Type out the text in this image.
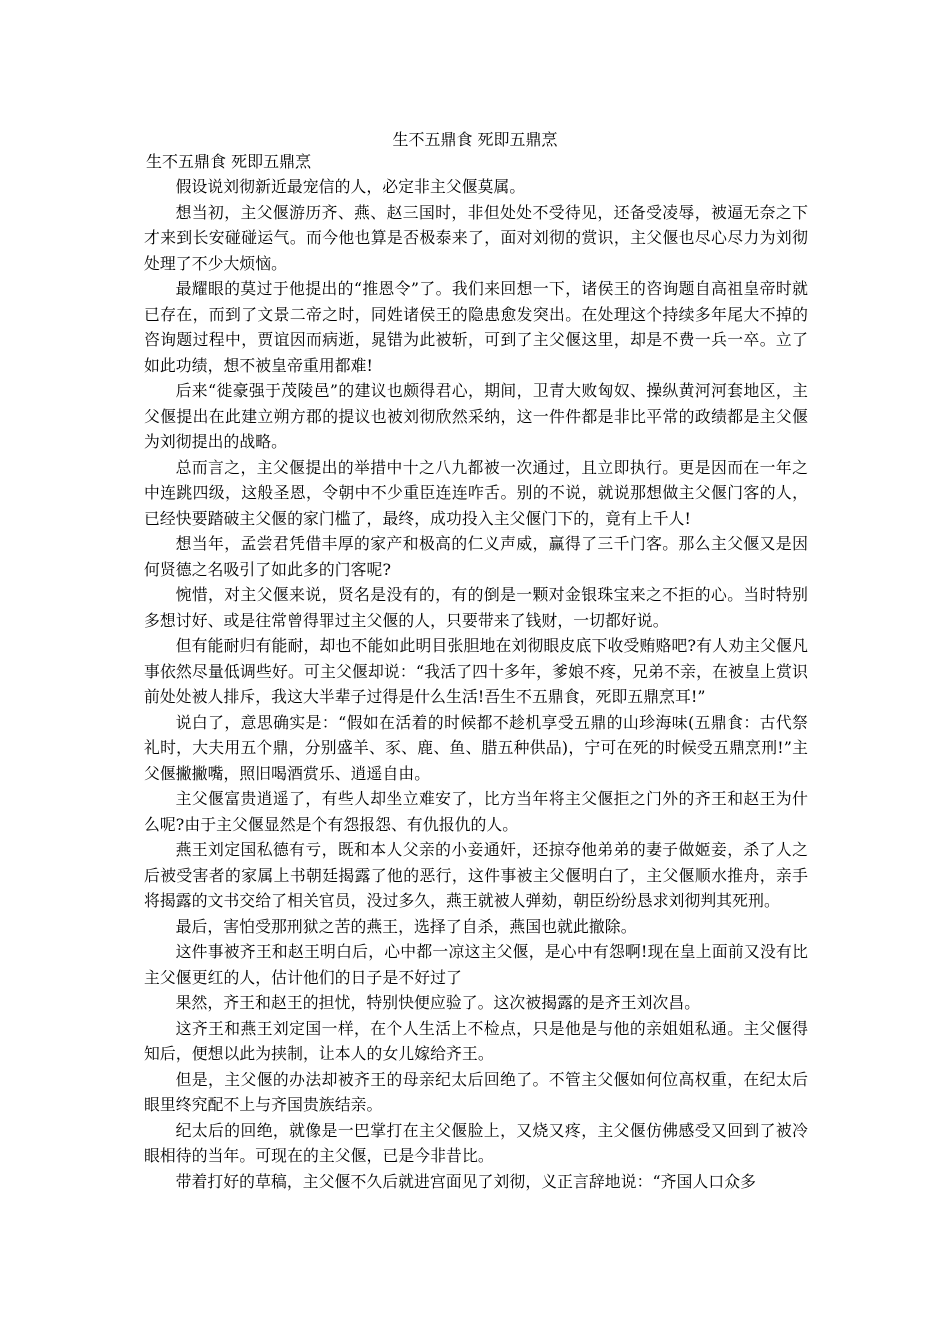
生不五鼎食 死即五鼎烹

生不五鼎食 死即五鼎烹

假设说刘彻新近最宠信的人，必定非主父偃莫属。

想当初，主父偃游历齐、燕、赵三国时，非但处处不受待见，还备受凌辱，被逼无奈之下才来到长安碰碰运气。而今他也算是否极泰来了，面对刘彻的赏识，主父偃也尽心尽力为刘彻处理了不少大烦恼。

最耀眼的莫过于他提出的“推恩令”了。我们来回想一下，诸侯王的咨询题自高祖皇帝时就已存在，而到了文景二帝之时，同姓诸侯王的隐患愈发突出。在处理这个持续多年尾大不掉的咨询题过程中，贾谊因而病逝，晁错为此被斩，可到了主父偃这里，却是不费一兵一卒。立了如此功绩，想不被皇帝重用都难!

后来“徙豪强于茂陵邑”的建议也颇得君心，期间，卫青大败匈奴、操纵黄河河套地区，主父偃提出在此建立朔方郡的提议也被刘彻欣然采纳，这一件件都是非比平常的政绩都是主父偃为刘彻提出的战略。

总而言之，主父偃提出的举措中十之八九都被一次通过，且立即执行。更是因而在一年之中连跳四级，这般圣恩，令朝中不少重臣连连咋舌。别的不说，就说那想做主父偃门客的人，已经快要踏破主父偃的家门槛了，最终，成功投入主父偃门下的，竟有上千人!

想当年，孟尝君凭借丰厚的家产和极高的仁义声威，赢得了三千门客。那么主父偃又是因何贤德之名吸引了如此多的门客呢?

惋惜，对主父偃来说，贤名是没有的，有的倒是一颗对金银珠宝来之不拒的心。当时特别多想讨好、或是往常曾得罪过主父偃的人，只要带来了钱财，一切都好说。

但有能耐归有能耐，却也不能如此明目张胆地在刘彻眼皮底下收受贿赂吧?有人劝主父偃凡事依然尽量低调些好。可主父偃却说：“我活了四十多年，爹娘不疼，兄弟不亲，在被皇上赏识前处处被人排斥，我这大半辈子过得是什么生活!吾生不五鼎食，死即五鼎烹耳!”

说白了，意思确实是：“假如在活着的时候都不趁机享受五鼎的山珍海味(五鼎食：古代祭礼时，大夫用五个鼎，分别盛羊、豕、鹿、鱼、腊五种供品)，宁可在死的时候受五鼎烹刑!”主父偃撇撇嘴，照旧喝酒赏乐、逍遥自由。

主父偃富贵逍遥了，有些人却坐立难安了，比方当年将主父偃拒之门外的齐王和赵王为什么呢?由于主父偃显然是个有怨报怨、有仇报仇的人。

燕王刘定国私德有亏，既和本人父亲的小妾通奸，还掠夺他弟弟的妻子做姬妾，杀了人之后被受害者的家属上书朝廷揭露了他的恶行，这件事被主父偃明白了，主父偃顺水推舟，亲手将揭露的文书交给了相关官员，没过多久，燕王就被人弹劾，朝臣纷纷恳求刘彻判其死刑。

最后，害怕受那刑狱之苦的燕王，选择了自杀，燕国也就此撤除。

这件事被齐王和赵王明白后，心中都一凉这主父偃，是心中有怨啊!现在皇上面前又没有比主父偃更红的人，估计他们的日子是不好过了

果然，齐王和赵王的担忧，特别快便应验了。这次被揭露的是齐王刘次昌。

这齐王和燕王刘定国一样，在个人生活上不检点，只是他是与他的亲姐姐私通。主父偃得知后，便想以此为挟制，让本人的女儿嫁给齐王。

但是，主父偃的办法却被齐王的母亲纪太后回绝了。不管主父偃如何位高权重，在纪太后眼里终究配不上与齐国贵族结亲。

纪太后的回绝，就像是一巴掌打在主父偃脸上，又烧又疼，主父偃仿佛感受又回到了被冷眼相待的当年。可现在的主父偃，已是今非昔比。

带着打好的草稿，主父偃不久后就进宫面见了刘彻，义正言辞地说：“齐国人口众多
